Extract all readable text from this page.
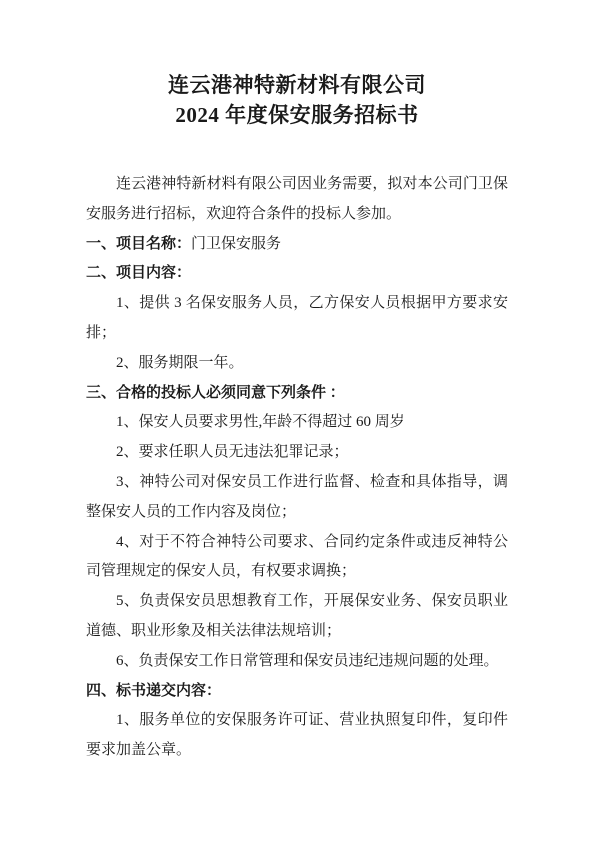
连云港神特新材料有限公司
2024 年度保安服务招标书
连云港神特新材料有限公司因业务需要，拟对本公司门卫保
安服务进行招标，欢迎符合条件的投标人参加。
一、项目名称：门卫保安服务
二、项目内容：
1、提供 3 名保安服务人员，乙方保安人员根据甲方要求安
排；
2、服务期限一年。
三、合格的投标人必须同意下列条件 ：
1、保安人员要求男性,年龄不得超过 60 周岁
2、要求任职人员无违法犯罪记录；
3、神特公司对保安员工作进行监督、检查和具体指导，调
整保安人员的工作内容及岗位；
4、对于不符合神特公司要求、合同约定条件或违反神特公
司管理规定的保安人员，有权要求调换；
5、负责保安员思想教育工作，开展保安业务、保安员职业
道德、职业形象及相关法律法规培训；
6、负责保安工作日常管理和保安员违纪违规问题的处理。
四、标书递交内容：
1、服务单位的安保服务许可证、营业执照复印件，复印件
要求加盖公章。
